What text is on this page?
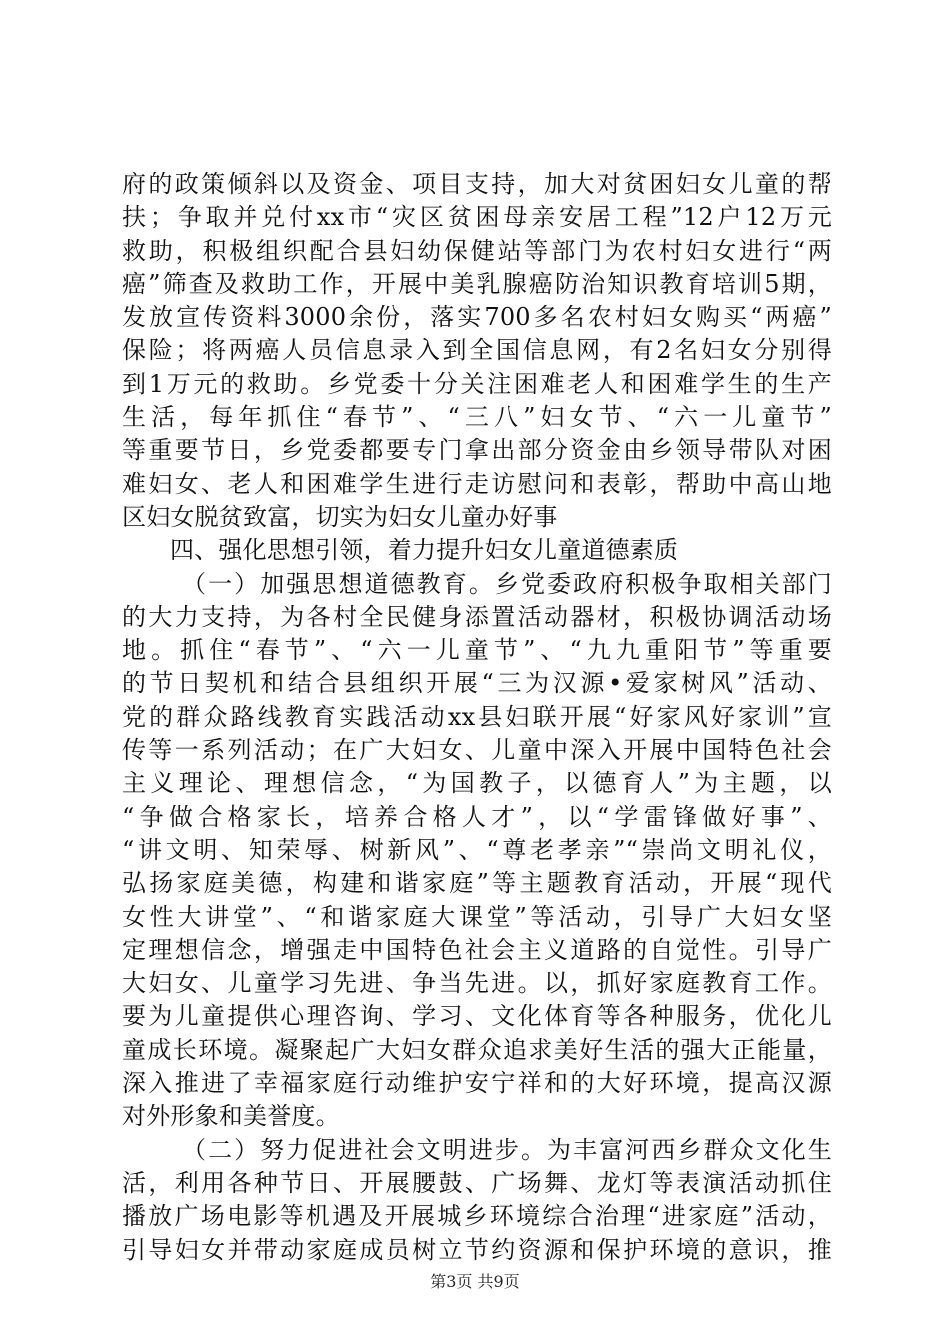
府的政策倾斜以及资金、项目支持，加大对贫困妇女儿童的帮
扶；争取并兑付xx市“灾区贫困母亲安居工程”12户12万元
救助，积极组织配合县妇幼保健站等部门为农村妇女进行“两
癌”筛查及救助工作，开展中美乳腺癌防治知识教育培训5期，
发放宣传资料3000余份，落实700多名农村妇女购买“两癌”
保险；将两癌人员信息录入到全国信息网，有2名妇女分别得
到1万元的救助。乡党委十分关注困难老人和困难学生的生产
生活，每年抓住“春节”、“三八”妇女节、“六一儿童节”
等重要节日，乡党委都要专门拿出部分资金由乡领导带队对困
难妇女、老人和困难学生进行走访慰问和表彰，帮助中高山地
区妇女脱贫致富，切实为妇女儿童办好事
四、强化思想引领，着力提升妇女儿童道德素质
（一）加强思想道德教育。乡党委政府积极争取相关部门
的大力支持，为各村全民健身添置活动器材，积极协调活动场
地。抓住“春节”、“六一儿童节”、“九九重阳节”等重要
的节日契机和结合县组织开展“三为汉源•爱家树风”活动、
党的群众路线教育实践活动xx县妇联开展“好家风好家训”宣
传等一系列活动；在广大妇女、儿童中深入开展中国特色社会
主义理论、理想信念，“为国教子，以德育人”为主题，以
“争做合格家长，培养合格人才”，以“学雷锋做好事”、
“讲文明、知荣辱、树新风”、“尊老孝亲”“崇尚文明礼仪，
弘扬家庭美德，构建和谐家庭”等主题教育活动，开展“现代
女性大讲堂”、“和谐家庭大课堂”等活动，引导广大妇女坚
定理想信念，增强走中国特色社会主义道路的自觉性。引导广
大妇女、儿童学习先进、争当先进。以，抓好家庭教育工作。
要为儿童提供心理咨询、学习、文化体育等各种服务，优化儿
童成长环境。凝聚起广大妇女群众追求美好生活的强大正能量，
深入推进了幸福家庭行动维护安宁祥和的大好环境，提高汉源
对外形象和美誉度。
（二）努力促进社会文明进步。为丰富河西乡群众文化生
活，利用各种节日、开展腰鼓、广场舞、龙灯等表演活动抓住
播放广场电影等机遇及开展城乡环境综合治理“进家庭”活动，
引导妇女并带动家庭成员树立节约资源和保护环境的意识，推
第3页 共9页
